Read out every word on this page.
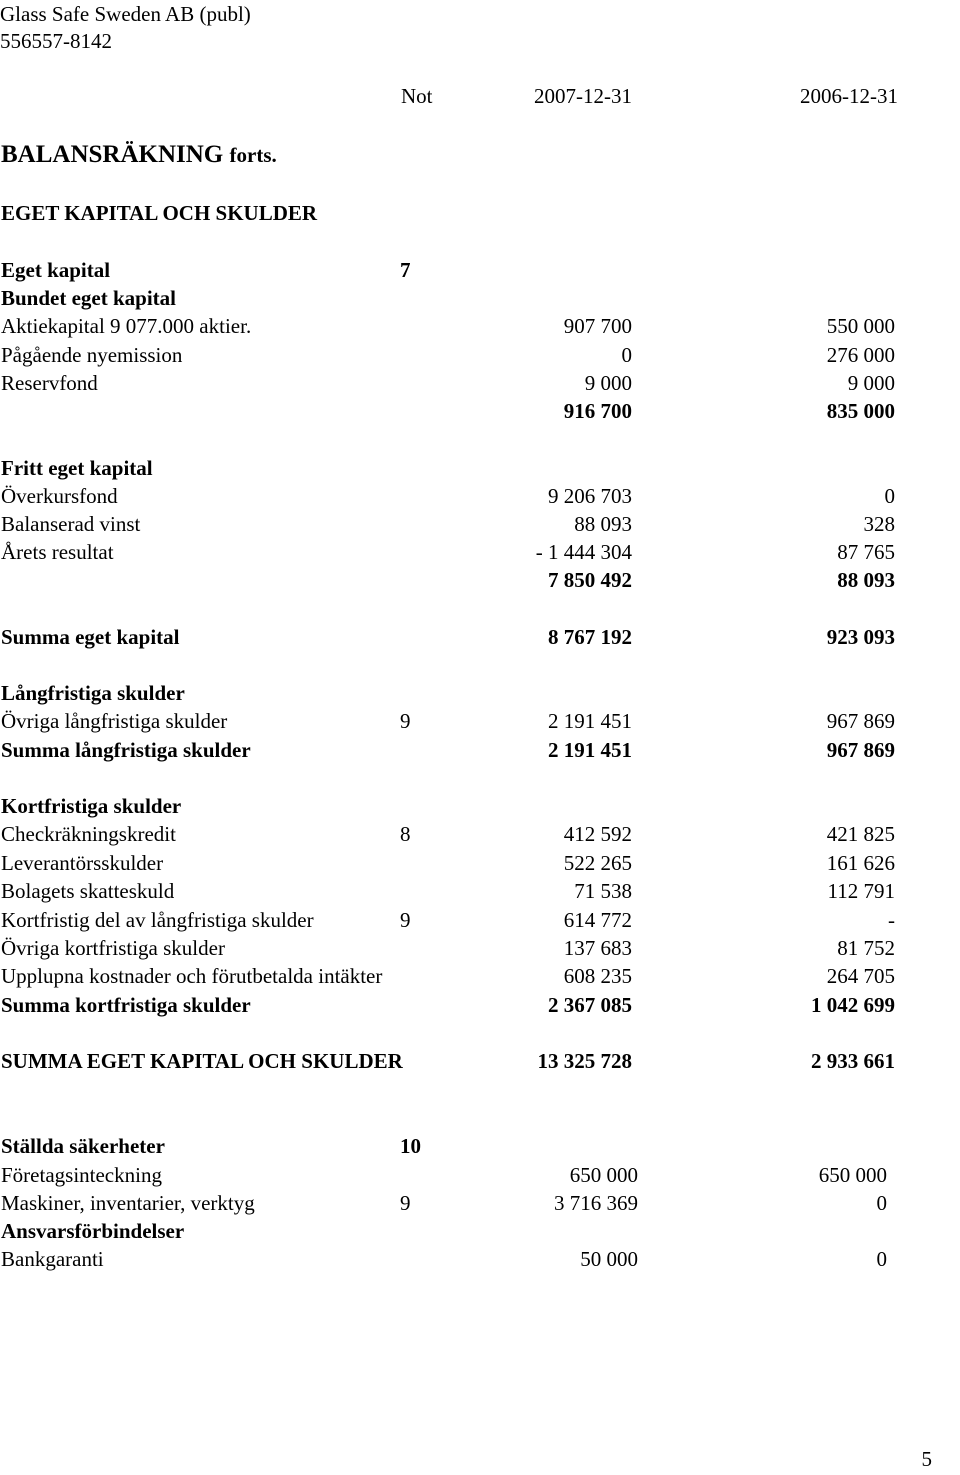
Glass Safe Sweden AB (publ)
556557-8142
Not	2007-12-31	2006-12-31
BALANSRÄKNING forts.
EGET KAPITAL OCH SKULDER
Eget kapital	7
Bundet eget kapital
Aktiekapital 9 077.000 aktier.	907 700	550 000
Pågående nyemission	0	276 000
Reservfond	9 000	9 000
916 700	835 000
Fritt eget kapital
Överkursfond	9 206 703	0
Balanserad vinst	88 093	328
Årets resultat	- 1 444 304	87 765
7 850 492	88 093
Summa eget kapital	8 767 192	923 093
Långfristiga skulder
Övriga långfristiga skulder	9	2 191 451	967 869
Summa långfristiga skulder	2 191 451	967 869
Kortfristiga skulder
Checkräkningskredit	8	412 592	421 825
Leverantörsskulder	522 265	161 626
Bolagets skatteskuld	71 538	112 791
Kortfristig del av långfristiga skulder	9	614 772	-
Övriga kortfristiga skulder	137 683	81 752
Upplupna kostnader och förutbetalda intäkter	608 235	264 705
Summa kortfristiga skulder	2 367 085	1 042 699
SUMMA EGET KAPITAL OCH SKULDER	13 325 728	2 933 661
Ställda säkerheter	10
Företagsinteckning	650 000	650 000
Maskiner, inventarier, verktyg	9	3 716 369	0
Ansvarsförbindelser
Bankgaranti	50 000	0
5
